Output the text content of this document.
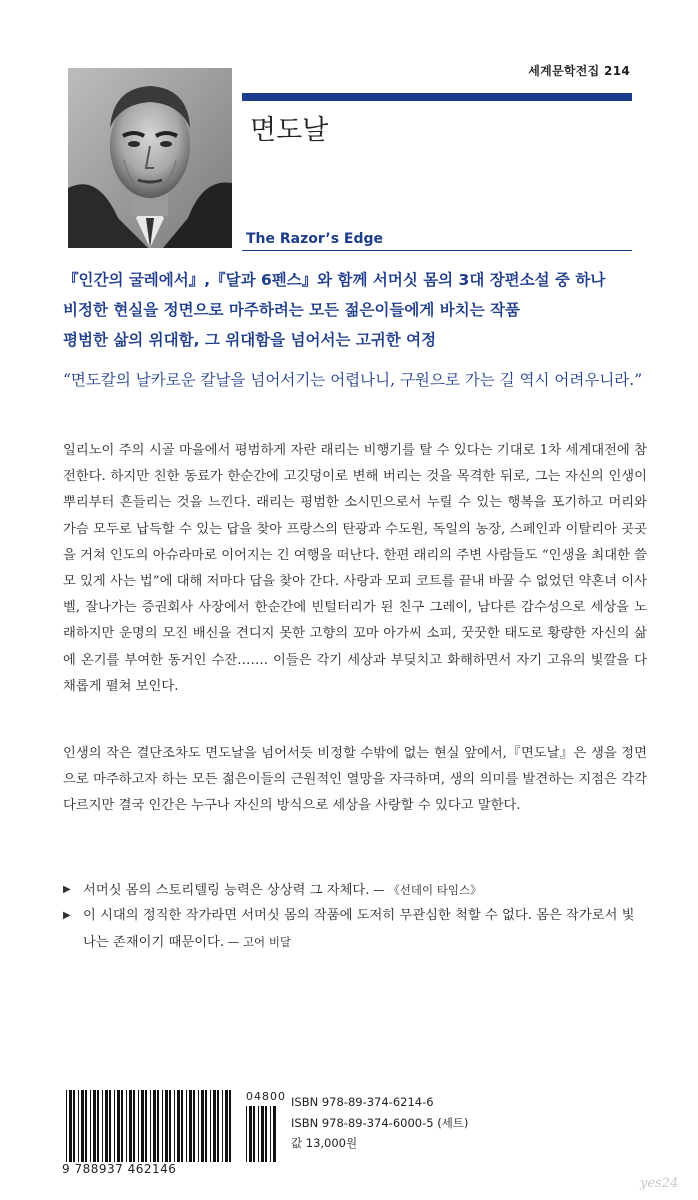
세계문학전집 214
면도날
The Razor’s Edge
『인간의 굴레에서』,『달과 6펜스』와 함께 서머싯 몸의 3대 장편소설 중 하나
비정한 현실을 정면으로 마주하려는 모든 젊은이들에게 바치는 작품
평범한 삶의 위대함, 그 위대함을 넘어서는 고귀한 여정
“면도칼의 날카로운 칼날을 넘어서기는 어렵나니, 구원으로 가는 길 역시 어려우니라.”
일리노이 주의 시골 마을에서 평범하게 자란 래리는 비행기를 탈 수 있다는 기대로 1차 세계대전에 참전한다. 하지만 친한 동료가 한순간에 고깃덩이로 변해 버리는 것을 목격한 뒤로, 그는 자신의 인생이 뿌리부터 흔들리는 것을 느낀다. 래리는 평범한 소시민으로서 누릴 수 있는 행복을 포기하고 머리와 가슴 모두로 납득할 수 있는 답을 찾아 프랑스의 탄광과 수도원, 독일의 농장, 스페인과 이탈리아 곳곳을 거쳐 인도의 아슈라마로 이어지는 긴 여행을 떠난다. 한편 래리의 주변 사람들도 “인생을 최대한 쓸모 있게 사는 법”에 대해 저마다 답을 찾아 간다. 사랑과 모피 코트를 끝내 바꿀 수 없었던 약혼녀 이사벨, 잘나가는 증권회사 사장에서 한순간에 빈털터리가 된 친구 그레이, 남다른 감수성으로 세상을 노래하지만 운명의 모진 배신을 견디지 못한 고향의 꼬마 아가씨 소피, 꿋꿋한 태도로 황량한 자신의 삶에 온기를 부여한 동거인 수잔……. 이들은 각기 세상과 부딪치고 화해하면서 자기 고유의 빛깔을 다채롭게 펼쳐 보인다.
인생의 작은 결단조차도 면도날을 넘어서듯 비정할 수밖에 없는 현실 앞에서,『면도날』은 생을 정면으로 마주하고자 하는 모든 젊은이들의 근원적인 열망을 자극하며, 생의 의미를 발견하는 지점은 각각 다르지만 결국 인간은 누구나 자신의 방식으로 세상을 사랑할 수 있다고 말한다.
▶ 서머싯 몸의 스토리텔링 능력은 상상력 그 자체다. — 《선데이 타임스》
▶ 이 시대의 정직한 작가라면 서머싯 몸의 작품에 도저히 무관심한 척할 수 없다. 몸은 작가로서 빛나는 존재이기 때문이다. — 고어 비달
9 788937 462146
04800 ISBN 978-89-374-6214-6
ISBN 978-89-374-6000-5 (세트)
값 13,000원
yes24
